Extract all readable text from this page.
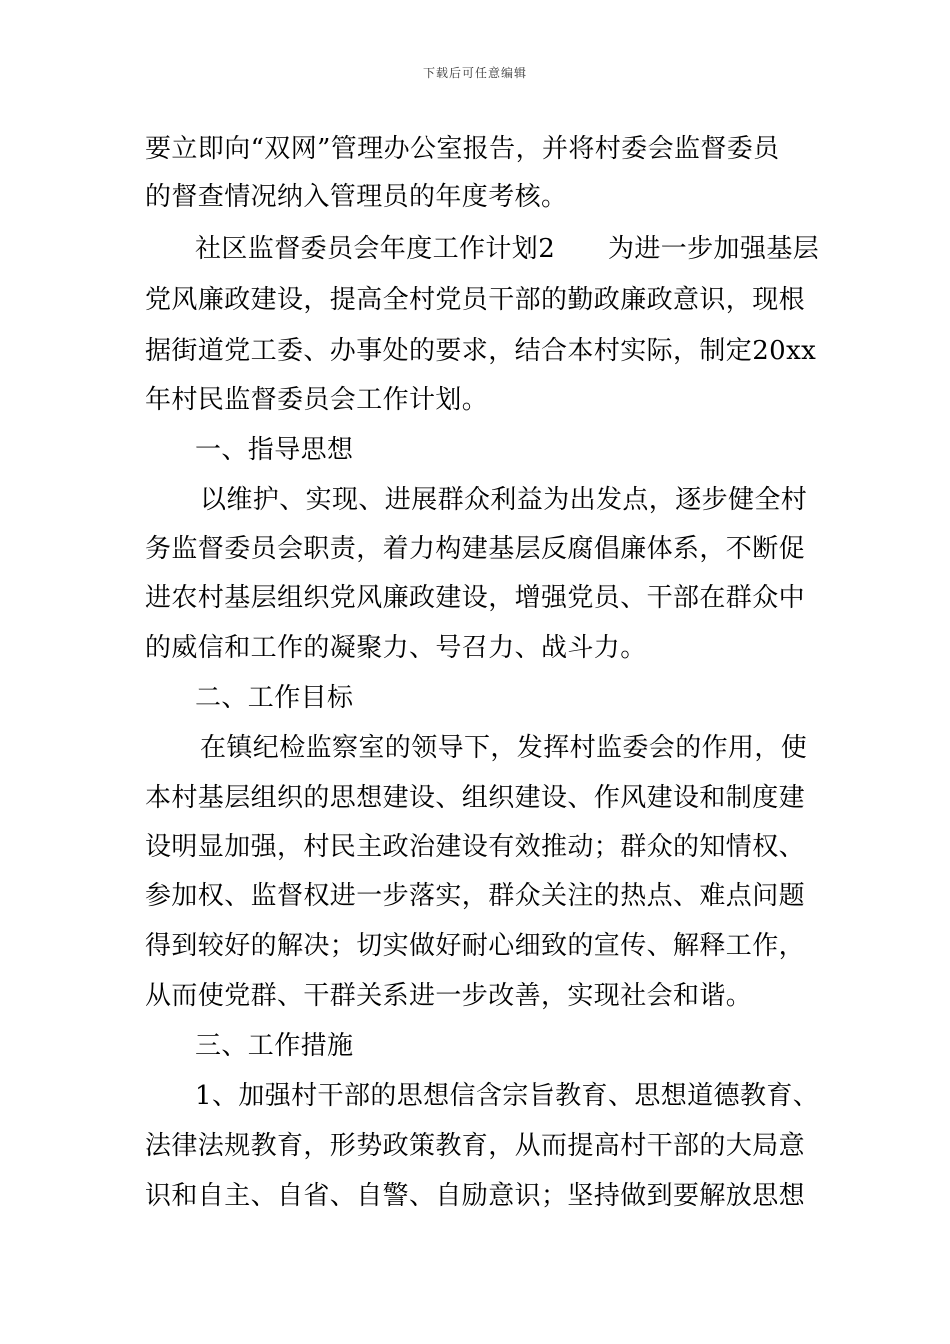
下载后可任意编辑
要立即向“双网”管理办公室报告，并将村委会监督委员
的督查情况纳入管理员的年度考核。
社区监督委员会年度工作计划2　　为进一步加强基层
党风廉政建设，提高全村党员干部的勤政廉政意识，现根
据街道党工委、办事处的要求，结合本村实际，制定20xx
年村民监督委员会工作计划。
一、指导思想
以维护、实现、进展群众利益为出发点，逐步健全村
务监督委员会职责，着力构建基层反腐倡廉体系，不断促
进农村基层组织党风廉政建设，增强党员、干部在群众中
的威信和工作的凝聚力、号召力、战斗力。
二、工作目标
在镇纪检监察室的领导下，发挥村监委会的作用，使
本村基层组织的思想建设、组织建设、作风建设和制度建
设明显加强，村民主政治建设有效推动；群众的知情权、
参加权、监督权进一步落实，群众关注的热点、难点问题
得到较好的解决；切实做好耐心细致的宣传、解释工作，
从而使党群、干群关系进一步改善，实现社会和谐。
三、工作措施
1、加强村干部的思想信含宗旨教育、思想道德教育、
法律法规教育，形势政策教育，从而提高村干部的大局意
识和自主、自省、自警、自励意识；坚持做到要解放思想
